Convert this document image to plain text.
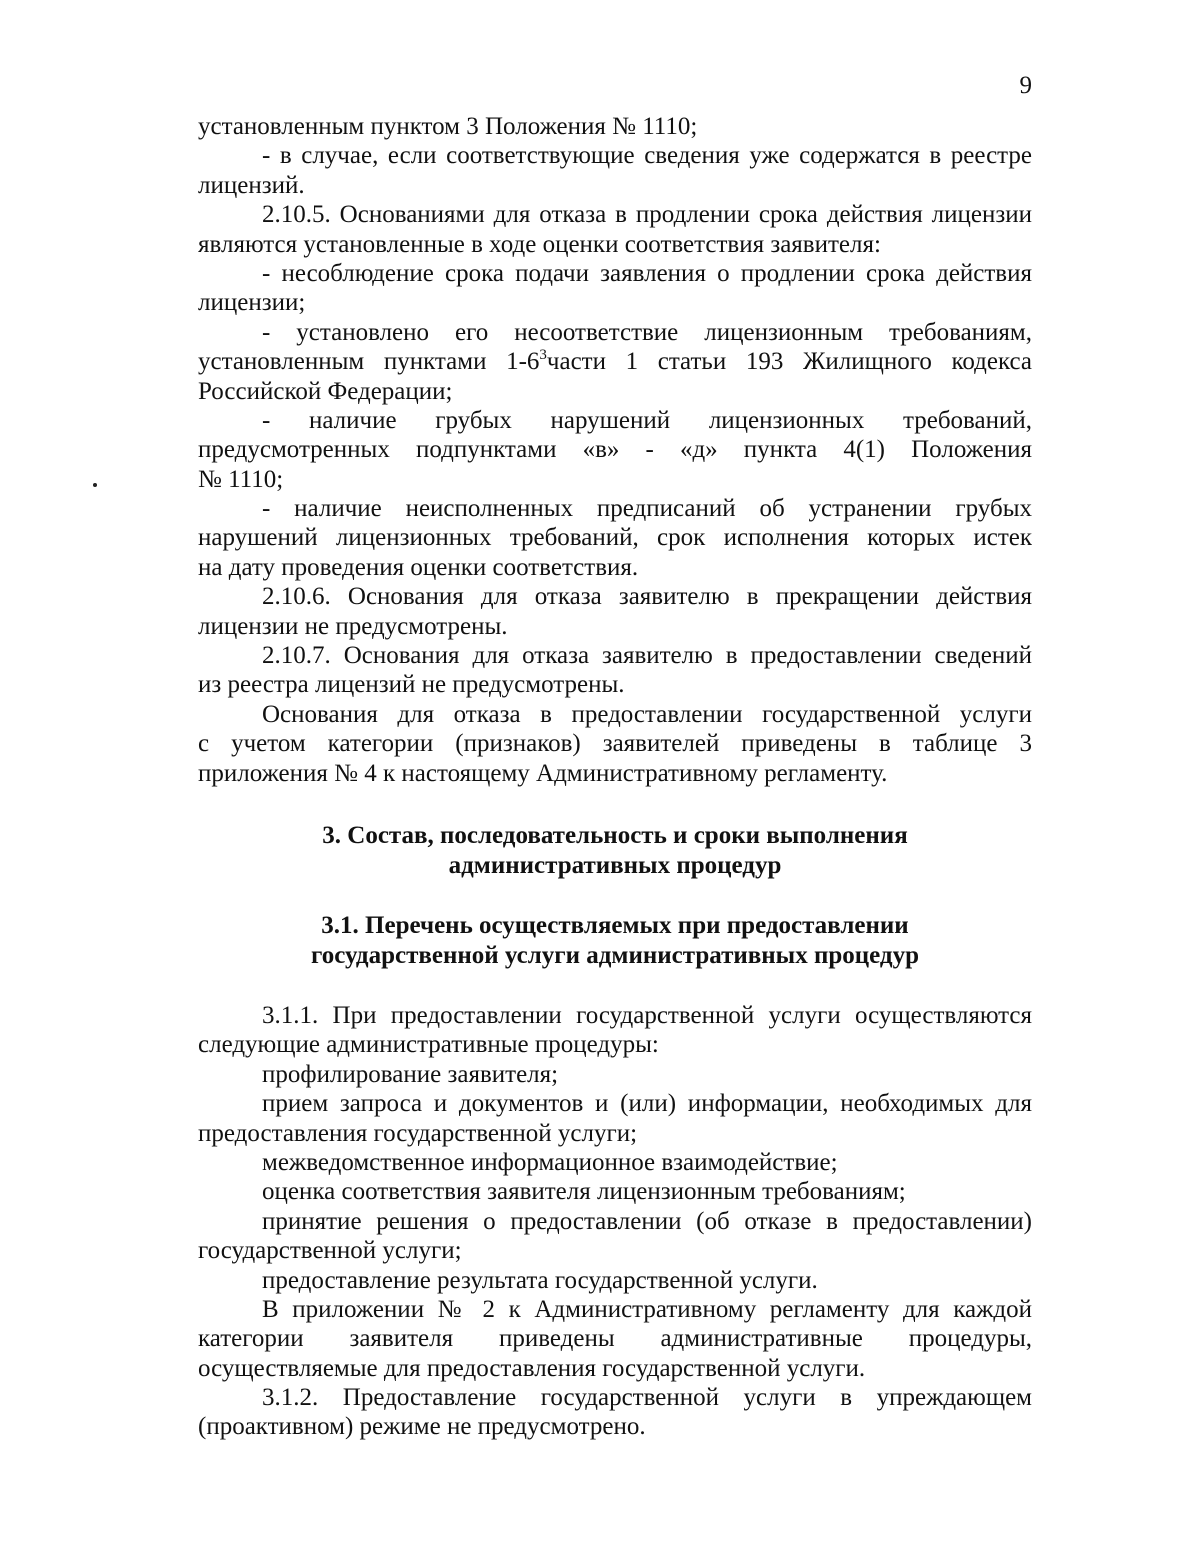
9
установленным пунктом 3 Положения № 1110;
- в случае, если соответствующие сведения уже содержатся в реестре
лицензий.
2.10.5. Основаниями для отказа в продлении срока действия лицензии
являются установленные в ходе оценки соответствия заявителя:
- несоблюдение срока подачи заявления о продлении срока действия
лицензии;
- установлено его несоответствие лицензионным требованиям,
установленным пунктами $1-6^3части$ 1 статьи 193 Жилищного кодекса
Российской Федерации;
- наличие грубых нарушений лицензионных требований,
предусмотренных подпунктами «в» - «д» пункта 4(1) Положения
№ 1110;
- наличие неисполненных предписаний об устранении грубых
нарушений лицензионных требований, срок исполнения которых истек
на дату проведения оценки соответствия.
2.10.6. Основания для отказа заявителю в прекращении действия
лицензии не предусмотрены.
2.10.7. Основания для отказа заявителю в предоставлении сведений
из реестра лицензий не предусмотрены.
Основания для отказа в предоставлении государственной услуги
с учетом категории (признаков) заявителей приведены в таблице 3
приложения № 4 к настоящему Административному регламенту.
3. Состав, последовательность и сроки выполнения
административных процедур
3.1. Перечень осуществляемых при предоставлении
государственной услуги административных процедур
3.1.1. При предоставлении государственной услуги осуществляются
следующие административные процедуры:
профилирование заявителя;
прием запроса и документов и (или) информации, необходимых для
предоставления государственной услуги;
межведомственное информационное взаимодействие;
оценка соответствия заявителя лицензионным требованиям;
принятие решения о предоставлении (об отказе в предоставлении)
государственной услуги;
предоставление результата государственной услуги.
В приложении № 2 к Административному регламенту для каждой
категории заявителя приведены административные процедуры,
осуществляемые для предоставления государственной услуги.
3.1.2. Предоставление государственной услуги в упреждающем
(проактивном) режиме не предусмотрено.
